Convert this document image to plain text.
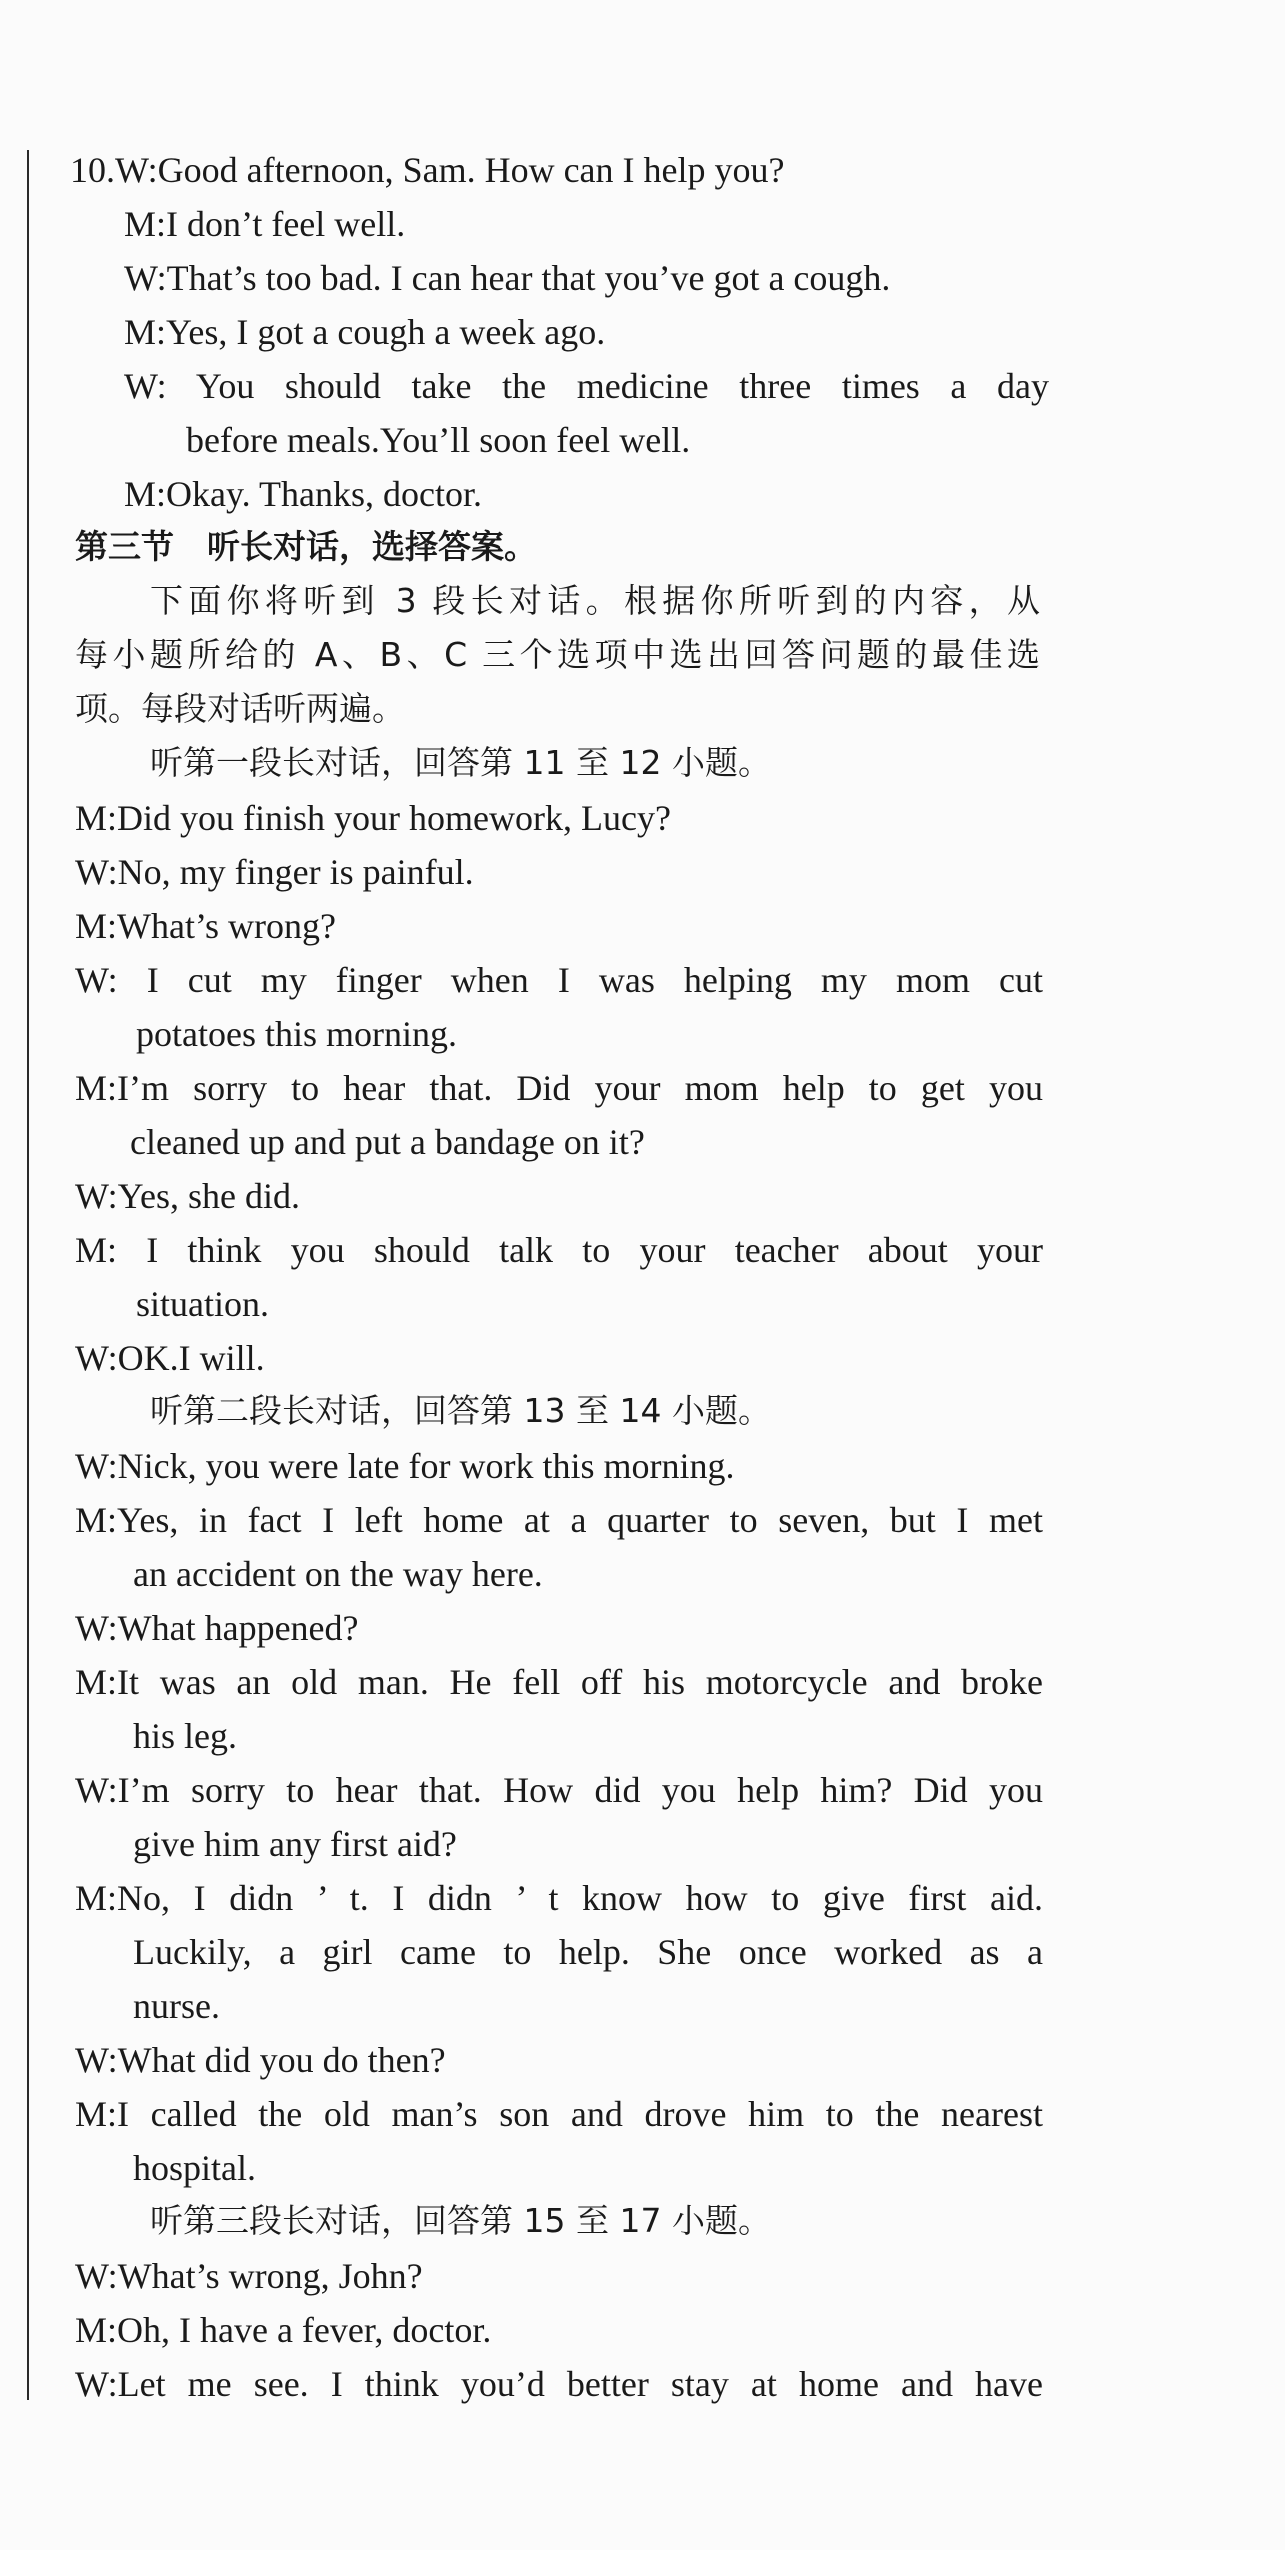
10.W:Good afternoon, Sam. How can I help you?
M:I don’t feel well.
W:That’s too bad. I can hear that you’ve got a cough.
M:Yes, I got a cough a week ago.
W: You should take the medicine three times a day
before meals.You’ll soon feel well.
M:Okay. Thanks, doctor.
第三节　听长对话，选择答案。
下面你将听到 3 段长对话。根据你所听到的内容，从
每小题所给的 A、B、C 三个选项中选出回答问题的最佳选
项。每段对话听两遍。
听第一段长对话，回答第 11 至 12 小题。
M:Did you finish your homework, Lucy?
W:No, my finger is painful.
M:What’s wrong?
W: I cut my finger when I was helping my mom cut
potatoes this morning.
M:I’m sorry to hear that. Did your mom help to get you
cleaned up and put a bandage on it?
W:Yes, she did.
M: I think you should talk to your teacher about your
situation.
W:OK.I will.
听第二段长对话，回答第 13 至 14 小题。
W:Nick, you were late for work this morning.
M:Yes, in fact I left home at a quarter to seven, but I met
an accident on the way here.
W:What happened?
M:It was an old man. He fell off his motorcycle and broke
his leg.
W:I’m sorry to hear that. How did you help him? Did you
give him any first aid?
M:No, I didn ’ t. I didn ’ t know how to give first aid.
Luckily, a girl came to help. She once worked as a
nurse.
W:What did you do then?
M:I called the old man’s son and drove him to the nearest
hospital.
听第三段长对话，回答第 15 至 17 小题。
W:What’s wrong, John?
M:Oh, I have a fever, doctor.
W:Let me see. I think you’d better stay at home and have
